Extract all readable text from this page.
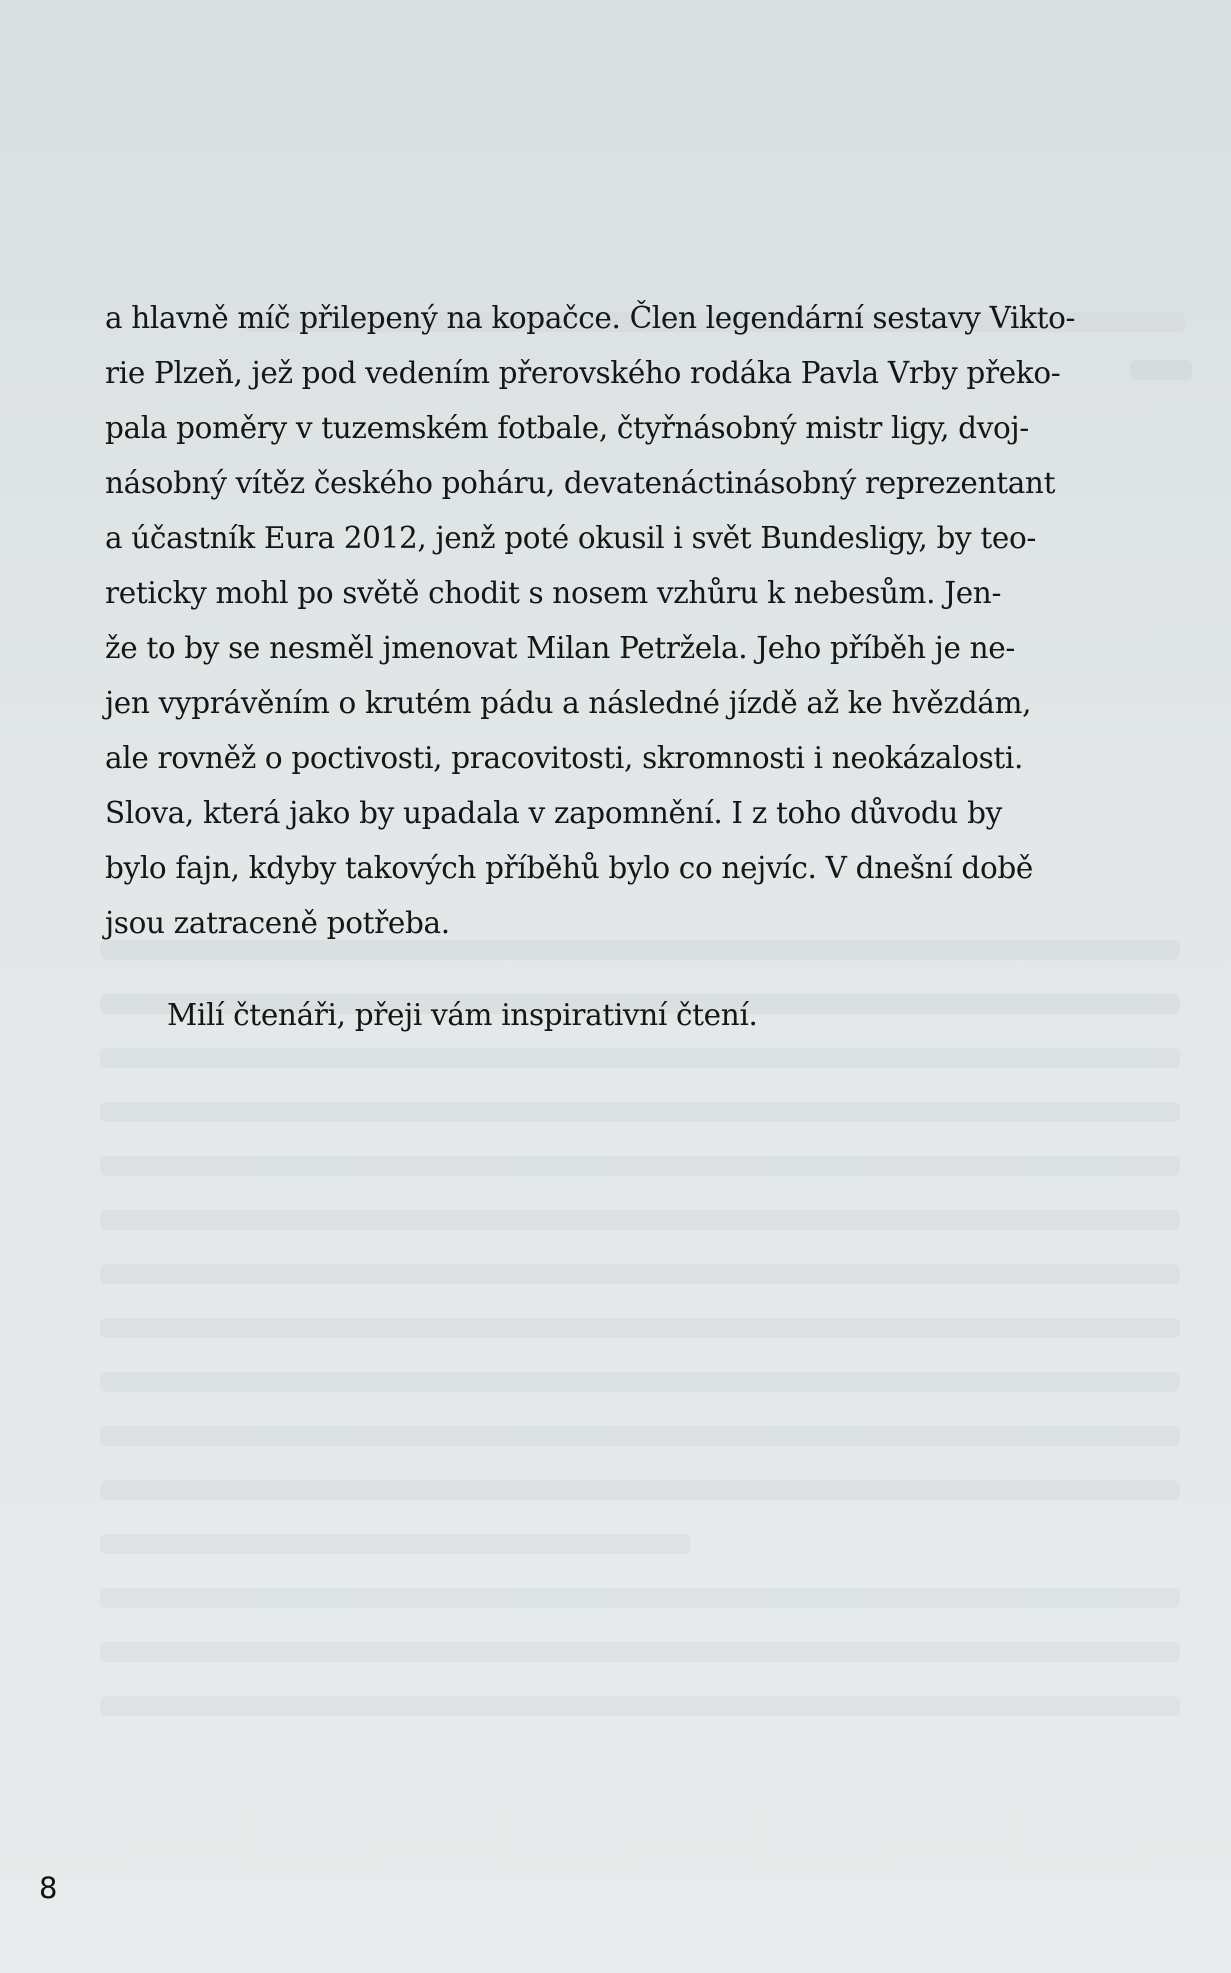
a hlavně míč přilepený na kopačce. Člen legendární sestavy Vikto-
rie Plzeň, jež pod vedením přerovského rodáka Pavla Vrby překo-
pala poměry v tuzemském fotbale, čtyřnásobný mistr ligy, dvoj-
násobný vítěz českého poháru, devatenáctinásobný reprezentant
a účastník Eura 2012, jenž poté okusil i svět Bundesligy, by teo-
reticky mohl po světě chodit s nosem vzhůru k nebesům. Jen-
že to by se nesměl jmenovat Milan Petržela. Jeho příběh je ne-
jen vyprávěním o krutém pádu a následné jízdě až ke hvězdám,
ale rovněž o poctivosti, pracovitosti, skromnosti i neokázalosti.
Slova, která jako by upadala v zapomnění. I z toho důvodu by
bylo fajn, kdyby takových příběhů bylo co nejvíc. V dnešní době
jsou zatraceně potřeba.
Milí čtenáři, přeji vám inspirativní čtení.
8
